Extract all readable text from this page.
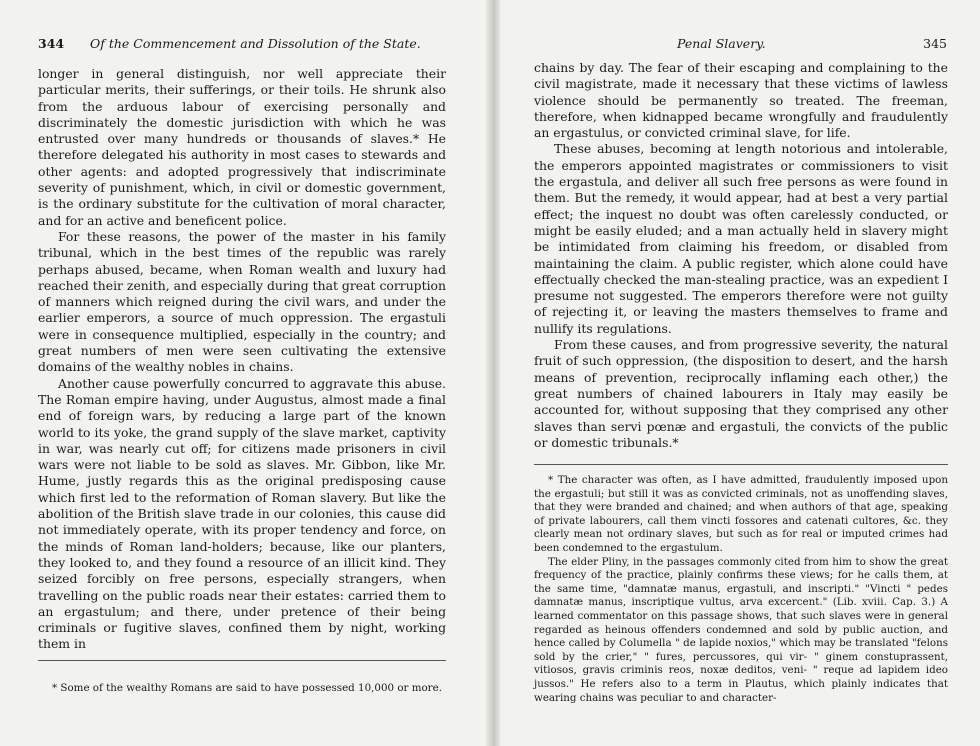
344 Of the Commencement and Dissolution of the State.

longer in general distinguish, nor well appreciate their particular merits, their sufferings, or their toils. He shrunk also from the arduous labour of exercising personally and discriminately the domestic jurisdiction with which he was entrusted over many hundreds or thousands of slaves.* He therefore delegated his authority in most cases to stewards and other agents: and adopted progressively that indiscriminate severity of punishment, which, in civil or domestic government, is the ordinary substitute for the cultivation of moral character, and for an active and beneficent police.

For these reasons, the power of the master in his family tribunal, which in the best times of the republic was rarely perhaps abused, became, when Roman wealth and luxury had reached their zenith, and especially during that great corruption of manners which reigned during the civil wars, and under the earlier emperors, a source of much oppression. The ergastuli were in consequence multiplied, especially in the country; and great numbers of men were seen cultivating the extensive domains of the wealthy nobles in chains.

Another cause powerfully concurred to aggravate this abuse. The Roman empire having, under Augustus, almost made a final end of foreign wars, by reducing a large part of the known world to its yoke, the grand supply of the slave market, captivity in war, was nearly cut off; for citizens made prisoners in civil wars were not liable to be sold as slaves. Mr. Gibbon, like Mr. Hume, justly regards this as the original predisposing cause which first led to the reformation of Roman slavery. But like the abolition of the British slave trade in our colonies, this cause did not immediately operate, with its proper tendency and force, on the minds of Roman land-holders; because, like our planters, they looked to, and they found a resource of an illicit kind. They seized forcibly on free persons, especially strangers, when travelling on the public roads near their estates: carried them to an ergastulum; and there, under pretence of their being criminals or fugitive slaves, confined them by night, working them in

* Some of the wealthy Romans are said to have possessed 10,000 or more.

Penal Slavery.	345

chains by day. The fear of their escaping and complaining to the civil magistrate, made it necessary that these victims of lawless violence should be permanently so treated. The freeman, therefore, when kidnapped became wrongfully and fraudulently an ergastulus, or convicted criminal slave, for life.

These abuses, becoming at length notorious and intolerable, the emperors appointed magistrates or commissioners to visit the ergastula, and deliver all such free persons as were found in them. But the remedy, it would appear, had at best a very partial effect; the inquest no doubt was often carelessly conducted, or might be easily eluded; and a man actually held in slavery might be intimidated from claiming his freedom, or disabled from maintaining the claim. A public register, which alone could have effectually checked the man-stealing practice, was an expedient I presume not suggested. The emperors therefore were not guilty of rejecting it, or leaving the masters themselves to frame and nullify its regulations.

From these causes, and from progressive severity, the natural fruit of such oppression, (the disposition to desert, and the harsh means of prevention, reciprocally inflaming each other,) the great numbers of chained labourers in Italy may easily be accounted for, without supposing that they comprised any other slaves than servi pœnæ and ergastuli, the convicts of the public or domestic tribunals.*

* The character was often, as I have admitted, fraudulently imposed upon the ergastuli; but still it was as convicted criminals, not as unoffending slaves, that they were branded and chained; and when authors of that age, speaking of private labourers, call them vincti fossores and catenati cultores, &c. they clearly mean not ordinary slaves, but such as for real or imputed crimes had been condemned to the ergastulum.

The elder Pliny, in the passages commonly cited from him to show the great frequency of the practice, plainly confirms these views; for he calls them, at the same time, "damnatæ manus, ergastuli, and inscripti." "Vincti " pedes damnatæ manus, inscriptique vultus, arva excercent." (Lib. xviii. Cap. 3.) A learned commentator on this passage shows, that such slaves were in general regarded as heinous offenders condemned and sold by public auction, and hence called by Columella " de lapide noxios," which may be translated "felons sold by the crier," " fures, percussores, qui vir- " ginem constuprassent, vitiosos, gravis criminis reos, noxæ deditos, veni- " reque ad lapidem ideo jussos." He refers also to a term in Plautus, which plainly indicates that wearing chains was peculiar to and character-
